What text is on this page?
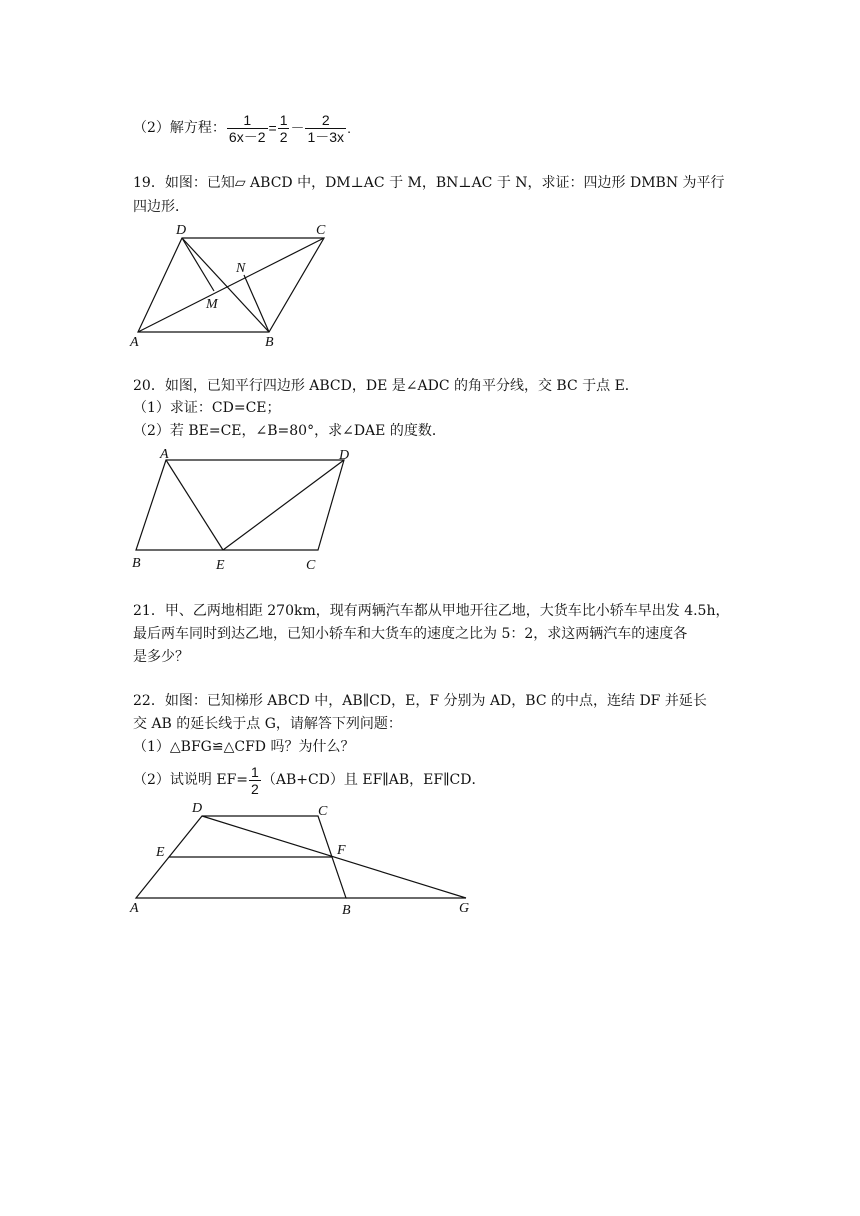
（2）解方程： $\frac{1}{6x-2} = \frac{1}{2} - \frac{2}{1-3x}$ .
19．如图：已知▱ ABCD 中，DM⊥AC 于 M，BN⊥AC 于 N，求证：四边形 DMBN 为平行
四边形．
D	C
N
M
A	B
20．如图，已知平行四边形 ABCD，DE 是∠ADC 的角平分线，交 BC 于点 E．
（1）求证：CD=CE；
（2）若 BE=CE，∠B=80°，求∠DAE 的度数．
A	D
B	E	C
21．甲、乙两地相距 270km，现有两辆汽车都从甲地开往乙地，大货车比小轿车早出发 4.5h，
最后两车同时到达乙地，已知小轿车和大货车的速度之比为 5：2，求这两辆汽车的速度各
是多少？
22．如图：已知梯形 ABCD 中，AB∥CD，E，F 分别为 AD，BC 的中点，连结 DF 并延长
交 AB 的延长线于点 G，请解答下列问题：
（1）△BFG≌△CFD 吗？为什么？
（2）试说明 $EF= \frac{1}{2} (AB+CD)$且 EF∥AB，EF∥CD．
D	C
E	F
A	B	G
